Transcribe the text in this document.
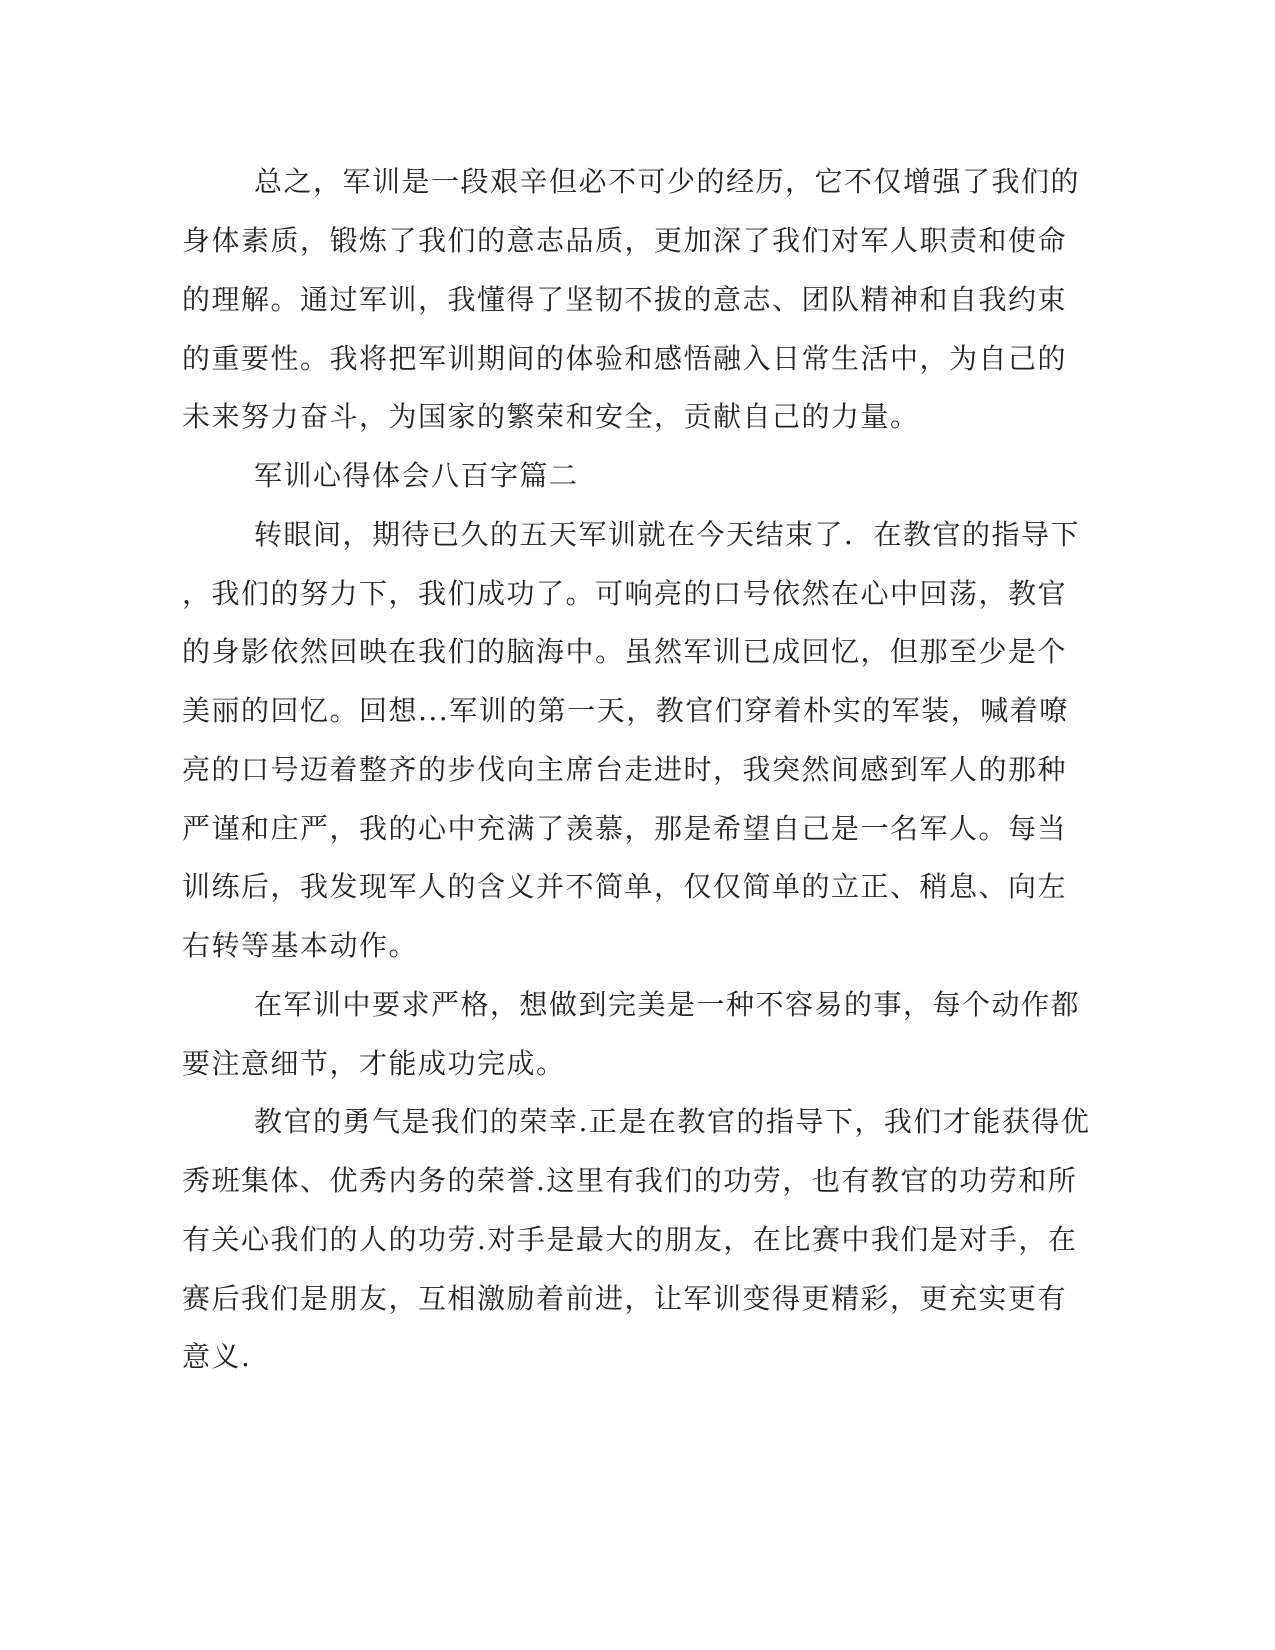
总之，军训是一段艰辛但必不可少的经历，它不仅增强了我们的
身体素质，锻炼了我们的意志品质，更加深了我们对军人职责和使命
的理解。通过军训，我懂得了坚韧不拔的意志、团队精神和自我约束
的重要性。我将把军训期间的体验和感悟融入日常生活中，为自己的
未来努力奋斗，为国家的繁荣和安全，贡献自己的力量。
军训心得体会八百字篇二
转眼间，期待已久的五天军训就在今天结束了．在教官的指导下
，我们的努力下，我们成功了。可响亮的口号依然在心中回荡，教官
的身影依然回映在我们的脑海中。虽然军训已成回忆，但那至少是个
美丽的回忆。回想...军训的第一天，教官们穿着朴实的军装，喊着嘹
亮的口号迈着整齐的步伐向主席台走进时，我突然间感到军人的那种
严谨和庄严，我的心中充满了羡慕，那是希望自己是一名军人。每当
训练后，我发现军人的含义并不简单，仅仅简单的立正、稍息、向左
右转等基本动作。
在军训中要求严格，想做到完美是一种不容易的事，每个动作都
要注意细节，才能成功完成。
教官的勇气是我们的荣幸.正是在教官的指导下，我们才能获得优
秀班集体、优秀内务的荣誉.这里有我们的功劳，也有教官的功劳和所
有关心我们的人的功劳.对手是最大的朋友，在比赛中我们是对手，在
赛后我们是朋友，互相激励着前进，让军训变得更精彩，更充实更有
意义.
